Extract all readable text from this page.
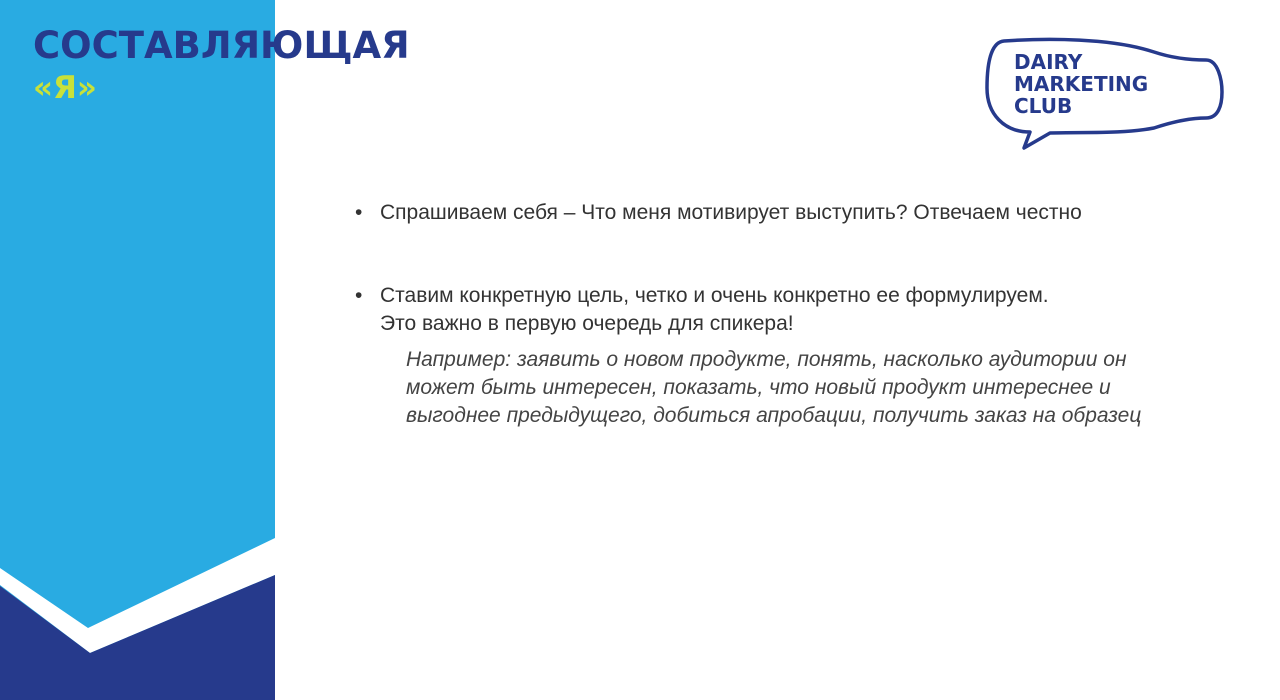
СОСТАВЛЯЮЩАЯ
«Я»
DAIRY
MARKETING
CLUB
• Спрашиваем себя – Что меня мотивирует выступить? Отвечаем честно
• Ставим конкретную цель, четко и очень конкретно ее формулируем.
Это важно в первую очередь для спикера!
Например: заявить о новом продукте, понять, насколько аудитории он может быть интересен, показать, что новый продукт интереснее и выгоднее предыдущего, добиться апробации, получить заказ на образец
